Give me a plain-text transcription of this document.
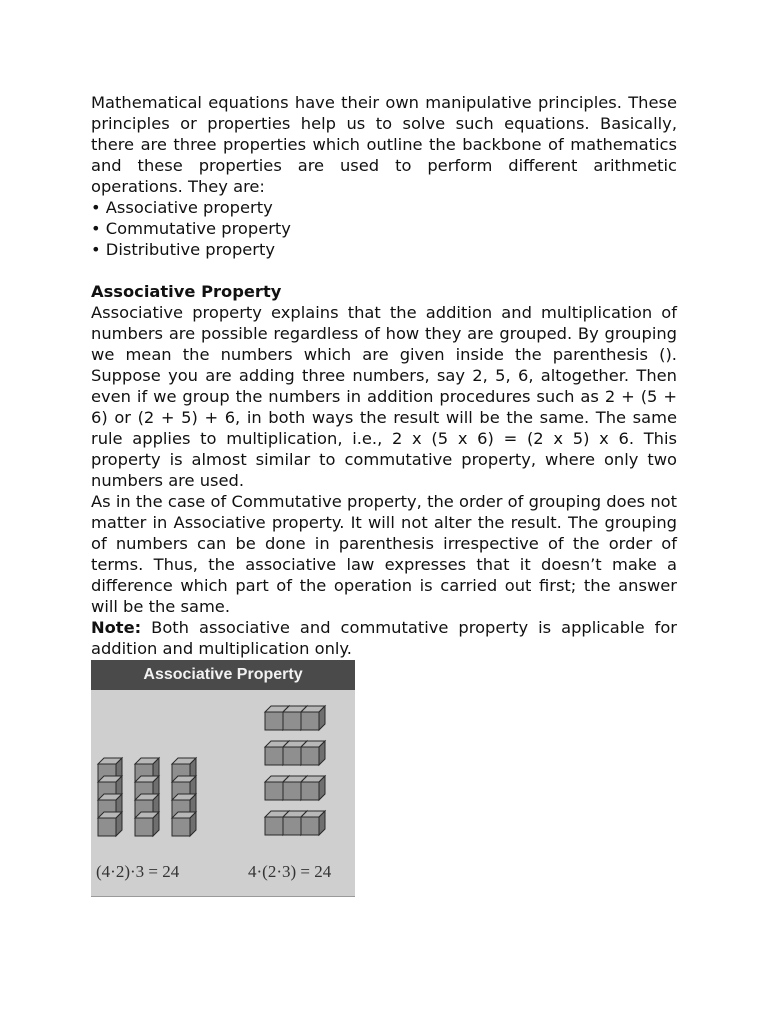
Mathematical equations have their own manipulative principles. These principles or properties help us to solve such equations. Basically, there are three properties which outline the backbone of mathematics and these properties are used to perform different arithmetic operations. They are:

• Associative property

• Commutative property

• Distributive property

Associative Property

Associative property explains that the addition and multiplication of numbers are possible regardless of how they are grouped. By grouping we mean the numbers which are given inside the parenthesis (). Suppose you are adding three numbers, say 2, 5, 6, altogether. Then even if we group the numbers in addition procedures such as 2 + (5 + 6) or (2 + 5) + 6, in both ways the result will be the same. The same rule applies to multiplication, i.e., 2 x (5 x 6) = (2 x 5) x 6. This property is almost similar to commutative property, where only two numbers are used.

As in the case of Commutative property, the order of grouping does not matter in Associative property. It will not alter the result. The grouping of numbers can be done in parenthesis irrespective of the order of terms. Thus, the associative law expresses that it doesn’t make a difference which part of the operation is carried out first; the answer will be the same.

Note: Both associative and commutative property is applicable for addition and multiplication only.

Associative Property
(4·2)·3 = 24	4·(2·3) = 24
